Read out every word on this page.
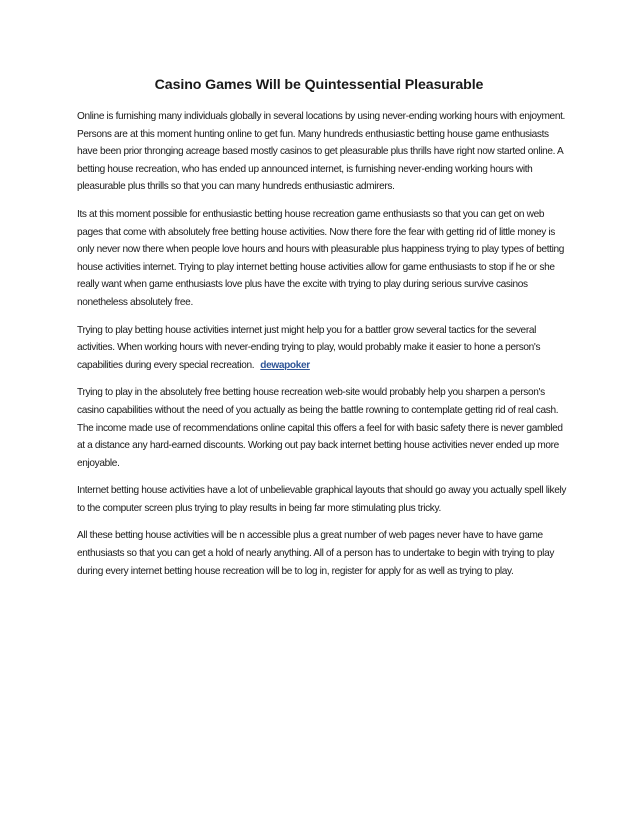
Casino Games Will be Quintessential Pleasurable

Online is furnishing many individuals globally in several locations by using never-ending working hours with enjoyment. Persons are at this moment hunting online to get fun. Many hundreds enthusiastic betting house game enthusiasts have been prior thronging acreage based mostly casinos to get pleasurable plus thrills have right now started online. A betting house recreation, who has ended up announced internet, is furnishing never-ending working hours with pleasurable plus thrills so that you can many hundreds enthusiastic admirers.

Its at this moment possible for enthusiastic betting house recreation game enthusiasts so that you can get on web pages that come with absolutely free betting house activities. Now there fore the fear with getting rid of little money is only never now there when people love hours and hours with pleasurable plus happiness trying to play types of betting house activities internet. Trying to play internet betting house activities allow for game enthusiasts to stop if he or she really want when game enthusiasts love plus have the excite with trying to play during serious survive casinos nonetheless absolutely free.

Trying to play betting house activities internet just might help you for a battler grow several tactics for the several activities. When working hours with never-ending trying to play, would probably make it easier to hone a person's capabilities during every special recreation. dewapoker

Trying to play in the absolutely free betting house recreation web-site would probably help you sharpen a person's casino capabilities without the need of you actually as being the battle rowning to contemplate getting rid of real cash. The income made use of recommendations online capital this offers a feel for with basic safety there is never gambled at a distance any hard-earned discounts. Working out pay back internet betting house activities never ended up more enjoyable.

Internet betting house activities have a lot of unbelievable graphical layouts that should go away you actually spell likely to the computer screen plus trying to play results in being far more stimulating plus tricky.

All these betting house activities will be n accessible plus a great number of web pages never have to have game enthusiasts so that you can get a hold of nearly anything. All of a person has to undertake to begin with trying to play during every internet betting house recreation will be to log in, register for apply for as well as trying to play.
